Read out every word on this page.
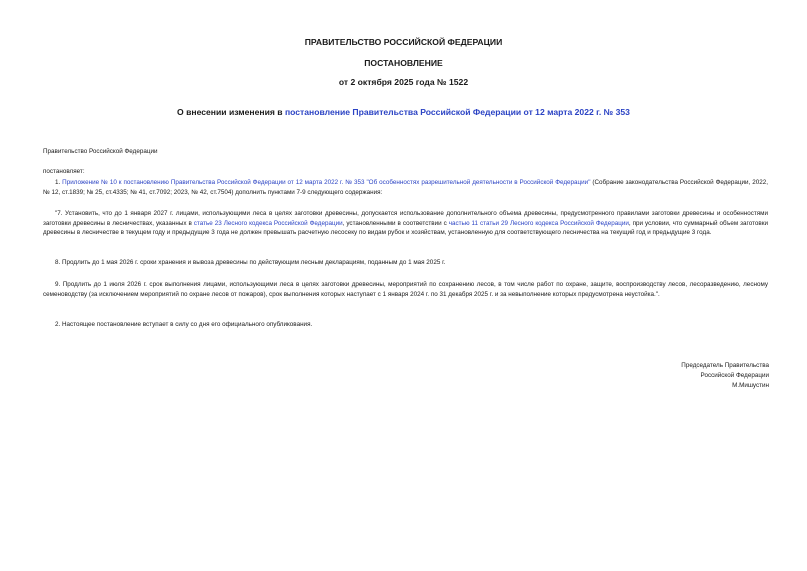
ПРАВИТЕЛЬСТВО РОССИЙСКОЙ ФЕДЕРАЦИИ
ПОСТАНОВЛЕНИЕ
от 2 октября 2025 года № 1522
О внесении изменения в постановление Правительства Российской Федерации от 12 марта 2022 г. № 353
Правительство Российской Федерации
постановляет:
1. Приложение № 10 к постановлению Правительства Российской Федерации от 12 марта 2022 г. № 353 "Об особенностях разрешительной деятельности в Российской Федерации" (Собрание законодательства Российской Федерации, 2022, № 12, ст.1839; № 25, ст.4335; № 41, ст.7092; 2023, № 42, ст.7504) дополнить пунктами 7-9 следующего содержания:
"7. Установить, что до 1 января 2027 г. лицами, использующими леса в целях заготовки древесины, допускается использование дополнительного объема древесины, предусмотренного правилами заготовки древесины и особенностями заготовки древесины в лесничествах, указанных в статье 23 Лесного кодекса Российской Федерации, установленными в соответствии с частью 11 статьи 29 Лесного кодекса Российской Федерации, при условии, что суммарный объем заготовки древесины в лесничестве в текущем году и предыдущие 3 года не должен превышать расчетную лесосеку по видам рубок и хозяйствам, установленную для соответствующего лесничества на текущий год и предыдущие 3 года.
8. Продлить до 1 мая 2026 г. сроки хранения и вывоза древесины по действующим лесным декларациям, поданным до 1 мая 2025 г.
9. Продлить до 1 июля 2026 г. срок выполнения лицами, использующими леса в целях заготовки древесины, мероприятий по сохранению лесов, в том числе работ по охране, защите, воспроизводству лесов, лесоразведению, лесному семеноводству (за исключением мероприятий по охране лесов от пожаров), срок выполнения которых наступает с 1 января 2024 г. по 31 декабря 2025 г. и за невыполнение которых предусмотрена неустойка.".
2. Настоящее постановление вступает в силу со дня его официального опубликования.
Председатель Правительства
Российской Федерации
М.Мишустин
